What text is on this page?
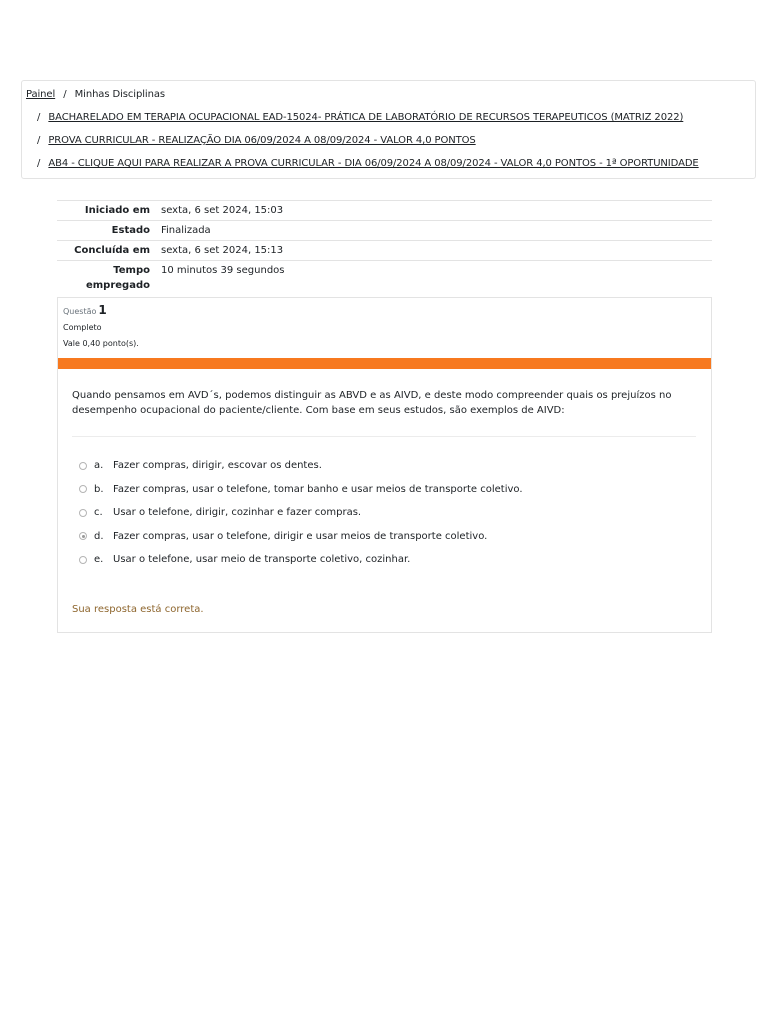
Painel / Minhas Disciplinas
/ BACHARELADO EM TERAPIA OCUPACIONAL EAD-15024- PRÁTICA DE LABORATÓRIO DE RECURSOS TERAPEUTICOS (MATRIZ 2022)
/ PROVA CURRICULAR - REALIZAÇÃO DIA 06/09/2024 A 08/09/2024 - VALOR 4,0 PONTOS
/ AB4 - CLIQUE AQUI PARA REALIZAR A PROVA CURRICULAR - DIA 06/09/2024 A 08/09/2024 - VALOR 4,0 PONTOS - 1ª OPORTUNIDADE
Iniciado em	sexta, 6 set 2024, 15:03
Estado	Finalizada
Concluída em	sexta, 6 set 2024, 15:13
Tempo empregado
10 minutos 39 segundos
Questão 1
Completo
Vale 0,40 ponto(s).
Quando pensamos em AVD´s, podemos distinguir as ABVD e as AIVD, e deste modo compreender quais os prejuízos no desempenho ocupacional do paciente/cliente. Com base em seus estudos, são exemplos de AIVD:
a. Fazer compras, dirigir, escovar os dentes.
b. Fazer compras, usar o telefone, tomar banho e usar meios de transporte coletivo.
c.	Usar o telefone, dirigir, cozinhar e fazer compras.
d. Fazer compras, usar o telefone, dirigir e usar meios de transporte coletivo.
e. Usar o telefone, usar meio de transporte coletivo, cozinhar.
Sua resposta está correta.
